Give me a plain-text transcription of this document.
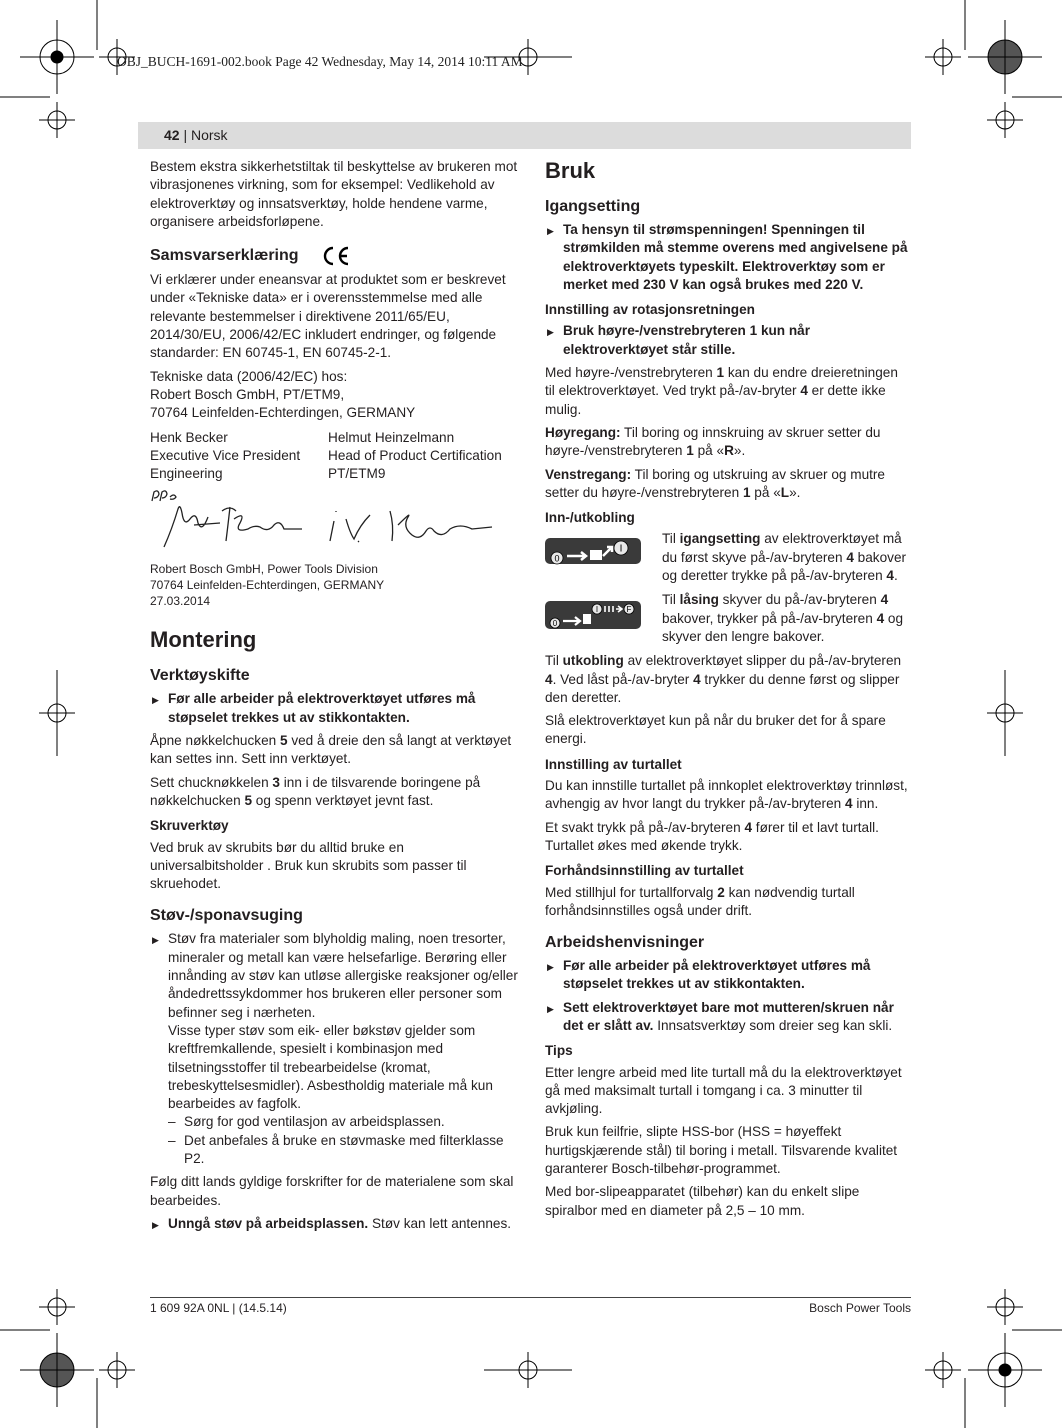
OBJ_BUCH-1691-002.book Page 42 Wednesday, May 14, 2014 10:11 AM
42 | Norsk

Bestem ekstra sikkerhetstiltak til beskyttelse av brukeren mot vibrasjonenes virkning, som for eksempel: Vedlikehold av elektroverktøy og innsatsverktøy, holde hendene varme, organisere arbeidsforløpene.

Samsvarserklæring

Vi erklærer under eneansvar at produktet som er beskrevet under «Tekniske data» er i overensstemmelse med alle relevante bestemmelser i direktivene 2011/65/EU, 2014/30/EU, 2006/42/EC inkludert endringer, og følgende standarder: EN 60745-1, EN 60745-2-1.

Tekniske data (2006/42/EC) hos:
Robert Bosch GmbH, PT/ETM9,
70764 Leinfelden-Echterdingen, GERMANY

Henk Becker
Executive Vice President
Engineering
Helmut Heinzelmann
Head of Product Certification
PT/ETM9

Robert Bosch GmbH, Power Tools Division
70764 Leinfelden-Echterdingen, GERMANY
27.03.2014

Montering
Verktøyskifte

▶ Før alle arbeider på elektroverktøyet utføres må støpselet trekkes ut av stikkontakten.

Åpne nøkkelchucken 5 ved å dreie den så langt at verktøyet kan settes inn. Sett inn verktøyet.

Sett chucknøkkelen 3 inn i de tilsvarende boringene på nøkkelchucken 5 og spenn verktøyet jevnt fast.

Skruverktøy

Ved bruk av skrubits bør du alltid bruke en universalbitsholder . Bruk kun skrubits som passer til skruehodet.

Støv-/sponavsuging

▶ Støv fra materialer som blyholdig maling, noen tresorter, mineraler og metall kan være helsefarlige. Berøring eller innånding av støv kan utløse allergiske reaksjoner og/eller åndedrettssykdommer hos brukeren eller personer som befinner seg i nærheten.

Visse typer støv som eik- eller bøkstøv gjelder som kreftfremkallende, spesielt i kombinasjon med tilsetningsstoffer til trebearbeidelse (kromat, trebeskyttelsesmidler). Asbestholdig materiale må kun bearbeides av fagfolk.

– Sørg for god ventilasjon av arbeidsplassen.

– Det anbefales å bruke en støvmaske med filterklasse P2.

Følg ditt lands gyldige forskrifter for de materialene som skal bearbeides.

▶ Unngå støv på arbeidsplassen. Støv kan lett antennes.

Bruk
Igangsetting

▶ Ta hensyn til strømspenningen! Spenningen til strømkilden må stemme overens med angivelsene på elektroverktøyets typeskilt. Elektroverktøy som er merket med 230 V kan også brukes med 220 V.

Innstilling av rotasjonsretningen

▶ Bruk høyre-/venstrebryteren 1 kun når elektroverktøyet står stille.

Med høyre-/venstrebryteren 1 kan du endre dreieretningen til elektroverktøyet. Ved trykt på-/av-bryter 4 er dette ikke mulig.

Høyregang: Til boring og innskruing av skruer setter du høyre-/venstrebryteren 1 på «R».

Venstregang: Til boring og utskruing av skruer og mutre setter du høyre-/venstrebryteren 1 på «L».

Inn-/utkobling
0
I
Til igangsetting av elektroverktøyet må du først skyve på-/av-bryteren 4 bakover og deretter trykke på på-/av-bryteren 4.
0
I	F
Til låsing skyver du på-/av-bryteren 4 bakover, trykker på på-/av-bryteren 4 og skyver den lengre bakover.

Til utkobling av elektroverktøyet slipper du på-/av-bryteren 4. Ved låst på-/av-bryter 4 trykker du denne først og slipper den deretter.

Slå elektroverktøyet kun på når du bruker det for å spare energi.

Innstilling av turtallet

Du kan innstille turtallet på innkoplet elektroverktøy trinnløst, avhengig av hvor langt du trykker på-/av-bryteren 4 inn.

Et svakt trykk på på-/av-bryteren 4 fører til et lavt turtall. Turtallet økes med økende trykk.

Forhåndsinnstilling av turtallet

Med stillhjul for turtallforvalg 2 kan nødvendig turtall forhåndsinnstilles også under drift.

Arbeidshenvisninger

▶ Før alle arbeider på elektroverktøyet utføres må støpselet trekkes ut av stikkontakten.

▶ Sett elektroverktøyet bare mot mutteren/skruen når det er slått av. Innsatsverktøy som dreier seg kan skli.

Tips

Etter lengre arbeid med lite turtall må du la elektroverktøyet gå med maksimalt turtall i tomgang i ca. 3 minutter til avkjøling.

Bruk kun feilfrie, slipte HSS-bor (HSS = høyeffekt hurtigskjærende stål) til boring i metall. Tilsvarende kvalitet garanterer Bosch-tilbehør-programmet.

Med bor-slipeapparatet (tilbehør) kan du enkelt slipe spiralbor med en diameter på 2,5 – 10 mm.

1 609 92A 0NL | (14.5.14)	Bosch Power Tools
